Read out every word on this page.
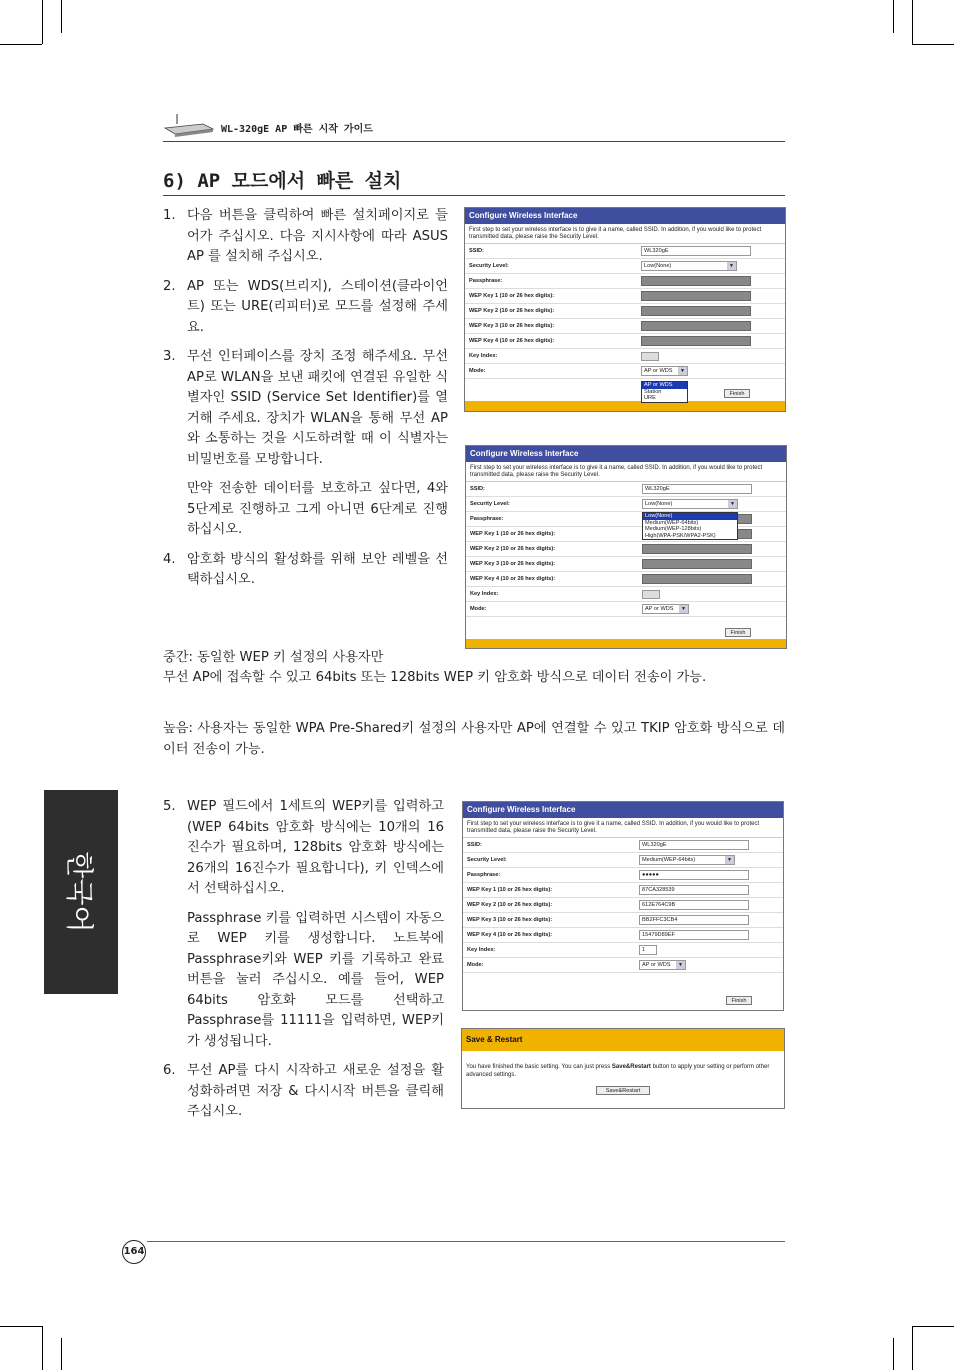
WL-320gE AP 빠른 시작 가이드
6) AP 모드에서 빠른 설치
1. 다음 버튼을 클릭하여 빠른 설치페이지로 들어가 주십시오. 다음 지시사항에 따라 ASUS AP 를 설치해 주십시오.
2. AP 또는 WDS(브리지), 스테이션(클라이언트) 또는 URE(리피터)로 모드를 설정해 주세요.
3. 무선 인터페이스를 장치 조정 해주세요. 무선 AP로 WLAN을 보낸 패킷에 연결된 유일한 식별자인 SSID (Service Set Identifier)를 열거해 주세요. 장치가 WLAN을 통해 무선 AP와 소통하는 것을 시도하려할 때 이 식별자는 비밀번호를 모방합니다.
만약 전송한 데이터를 보호하고 싶다면, 4와 5단계로 진행하고 그게 아니면 6단계로 진행하십시오.
4. 암호화 방식의 활성화를 위해 보안 레벨을 선택하십시오.
중간: 동일한 WEP 키 설정의 사용자만
무선 AP에 접속할 수 있고 64bits 또는 128bits WEP 키 암호화 방식으로 데이터 전송이 가능.
높음: 사용자는 동일한 WPA Pre-Shared키 설정의 사용자만 AP에 연결할 수 있고 TKIP 암호화 방식으로 데이터 전송이 가능.
5. WEP 필드에서 1세트의 WEP키를 입력하고 (WEP 64bits 암호화 방식에는 10개의 16진수가 필요하며, 128bits 암호화 방식에는 26개의 16진수가 필요합니다), 키 인덱스에서 선택하십시오.
Passphrase 키를 입력하면 시스템이 자동으로 WEP 키를 생성합니다. 노트북에 Passphrase키와 WEP 키를 기록하고 완료 버튼을 눌러 주십시오. 예를 들어, WEP 64bits 암호화 모드를 선택하고 Passphrase를 11111을 입력하면, WEP키가 생성됩니다.
6. 무선 AP를 다시 시작하고 새로운 설정을 활성화하려면 저장 & 다시시작 버튼을 클릭해 주십시오.
Configure Wireless Interface
First step to set your wireless interface is to give it a name, called SSID. In addition, if you would like to protect transmitted data, please raise the Security Level.
SSID:	WL320gE
Security Level:	Low(None)	▼
Passphrase:
WEP Key 1 (10 or 26 hex digits):
WEP Key 2 (10 or 26 hex digits):
WEP Key 3 (10 or 26 hex digits):
WEP Key 4 (10 or 26 hex digits):
Key Index:
Mode:	AP or WDS	▼
AP or WDS
Station
URE
Finish
Configure Wireless Interface
First step to set your wireless interface is to give it a name, called SSID. In addition, if you would like to protect transmitted data, please raise the Security Level.
SSID:	WL320gE
Security Level:	Low(None)	▼
Passphrase:
WEP Key 1 (10 or 26 hex digits):
WEP Key 2 (10 or 26 hex digits):
WEP Key 3 (10 or 26 hex digits):
WEP Key 4 (10 or 26 hex digits):
Key Index:
Mode:	AP or WDS	▼
Low(None)
Medium(WEP-64bits)
Medium(WEP-128bits)
High(WPA-PSK/WPA2-PSK)
Finish
Configure Wireless Interface
First step to set your wireless interface is to give it a name, called SSID. In addition, if you would like to protect transmitted data, please raise the Security Level.
SSID:	WL320gE
Security Level:	Medium(WEP-64bits)	▼
Passphrase:	●●●●●
WEP Key 1 (10 or 26 hex digits):	87CA328539
WEP Key 2 (10 or 26 hex digits):	612E764C9B
WEP Key 3 (10 or 26 hex digits):	BB2FFC3CB4
WEP Key 4 (10 or 26 hex digits):	15479D89EF
Key Index:	1
Mode:	AP or WDS	▼
Finish
Save & Restart
You have finished the basic setting. You can just press Save&Restart button to apply your setting or perform other advanced settings.
Save&Restart
한국어
164
